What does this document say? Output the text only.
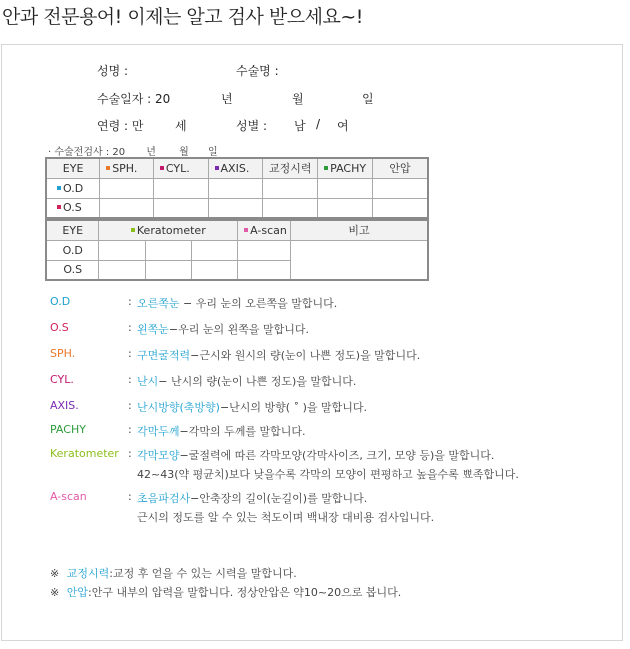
안과 전문용어! 이제는 알고 검사 받으세요~!
성명 :	수술명 :
수술일자 : 20	년	월	일
연령 : 만	세	성별 : 남 / 여
· 수술전검사 : 20 년 월 일
EYE	SPH.	CYL.	AXIS.	교정시력	PACHY	안압
O.D						
O.S						
EYE	Keratometer			A-scan	비고
O.D					
O.S					
O.D	: 오른쪽눈 − 우리 눈의 오른쪽을 말합니다.
O.S	: 왼쪽눈−우리 눈의 왼쪽을 말합니다.
SPH.	: 구면굴적력−근시와 원시의 량(눈이 나쁜 정도)을 말합니다.
CYL.	: 난시− 난시의 량(눈이 나쁜 정도)을 말합니다.
AXIS.	: 난시방향(축방향)−난시의 방향( ˚ )을 말합니다.
PACHY	: 각막두께−각막의 두께를 말합니다.
Keratometer : 각막모양−굴절력에 따른 각막모양(각막사이즈, 크기, 모양 등)을 말합니다.
42~43(약 평균치)보다 낮을수록 각막의 모양이 편평하고 높을수록 뾰족합니다.
A-scan	: 초음파검사−안축장의 길이(눈길이)를 말합니다.
근시의 정도를 알 수 있는 척도이며 백내장 대비용 검사입니다.
※ 교정시력:교정 후 얻을 수 있는 시력을 말합니다.
※ 안압:안구 내부의 압력을 말합니다. 정상안압은 약10~20으로 봅니다.
